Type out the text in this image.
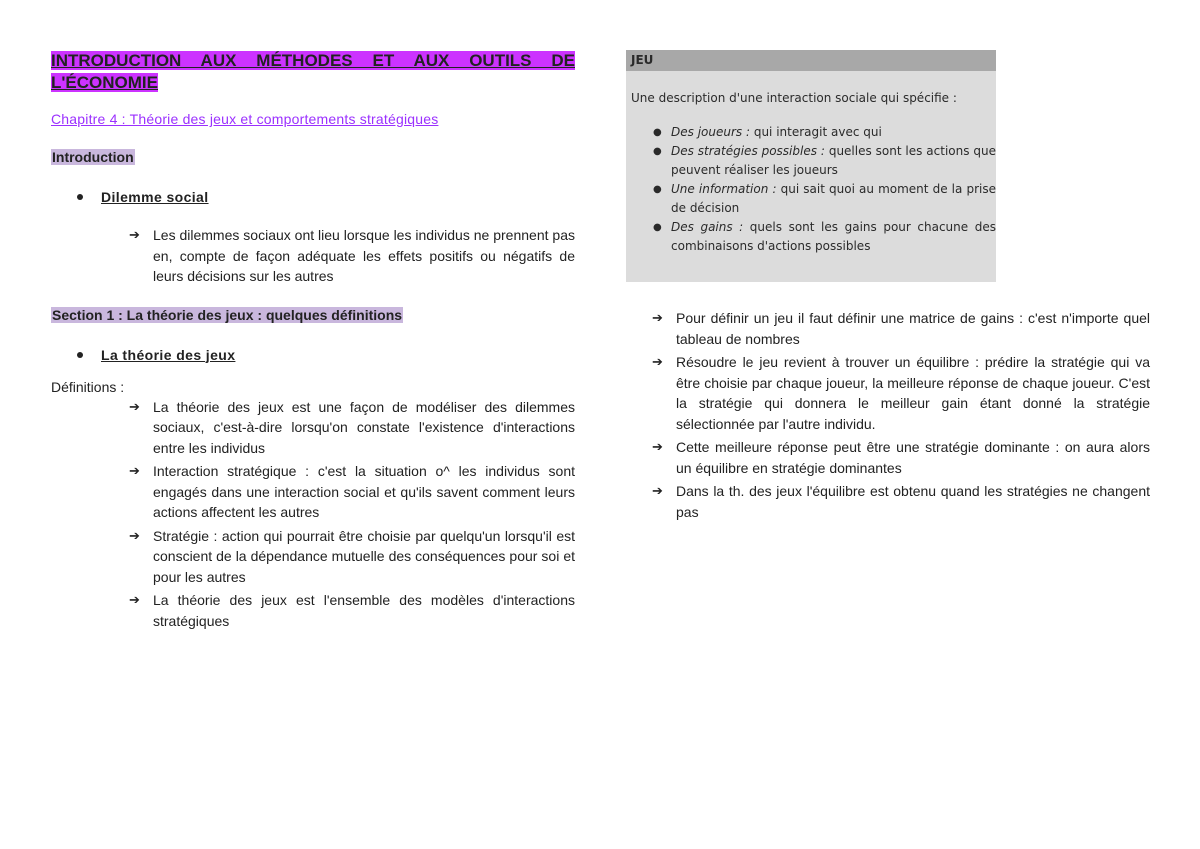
INTRODUCTION AUX MÉTHODES ET AUX OUTILS DE L'ÉCONOMIE
Chapitre 4 : Théorie des jeux et comportements stratégiques
Introduction
Dilemme social
➔ Les dilemmes sociaux ont lieu lorsque les individus ne prennent pas en, compte de façon adéquate les effets positifs ou négatifs de leurs décisions sur les autres
Section 1 : La théorie des jeux : quelques définitions
La théorie des jeux
Définitions :
➔ La théorie des jeux est une façon de modéliser des dilemmes sociaux, c'est-à-dire lorsqu'on constate l'existence d'interactions entre les individus
➔ Interaction stratégique : c'est la situation o^ les individus sont engagés dans une interaction social et qu'ils savent comment leurs actions affectent les autres
➔ Stratégie : action qui pourrait être choisie par quelqu'un lorsqu'il est conscient de la dépendance mutuelle des conséquences pour soi et pour les autres
➔ La théorie des jeux est l'ensemble des modèles d'interactions stratégiques
JEU
Une description d'une interaction sociale qui spécifie :
● Des joueurs : qui interagit avec qui
● Des stratégies possibles : quelles sont les actions que peuvent réaliser les joueurs
● Une information : qui sait quoi au moment de la prise de décision
● Des gains : quels sont les gains pour chacune des combinaisons d'actions possibles
➔ Pour définir un jeu il faut définir une matrice de gains : c'est n'importe quel tableau de nombres
➔ Résoudre le jeu revient à trouver un équilibre : prédire la stratégie qui va être choisie par chaque joueur, la meilleure réponse de chaque joueur. C'est la stratégie qui donnera le meilleur gain étant donné la stratégie sélectionnée par l'autre individu.
➔ Cette meilleure réponse peut être une stratégie dominante : on aura alors un équilibre en stratégie dominantes
➔ Dans la th. des jeux l'équilibre est obtenu quand les stratégies ne changent pas
